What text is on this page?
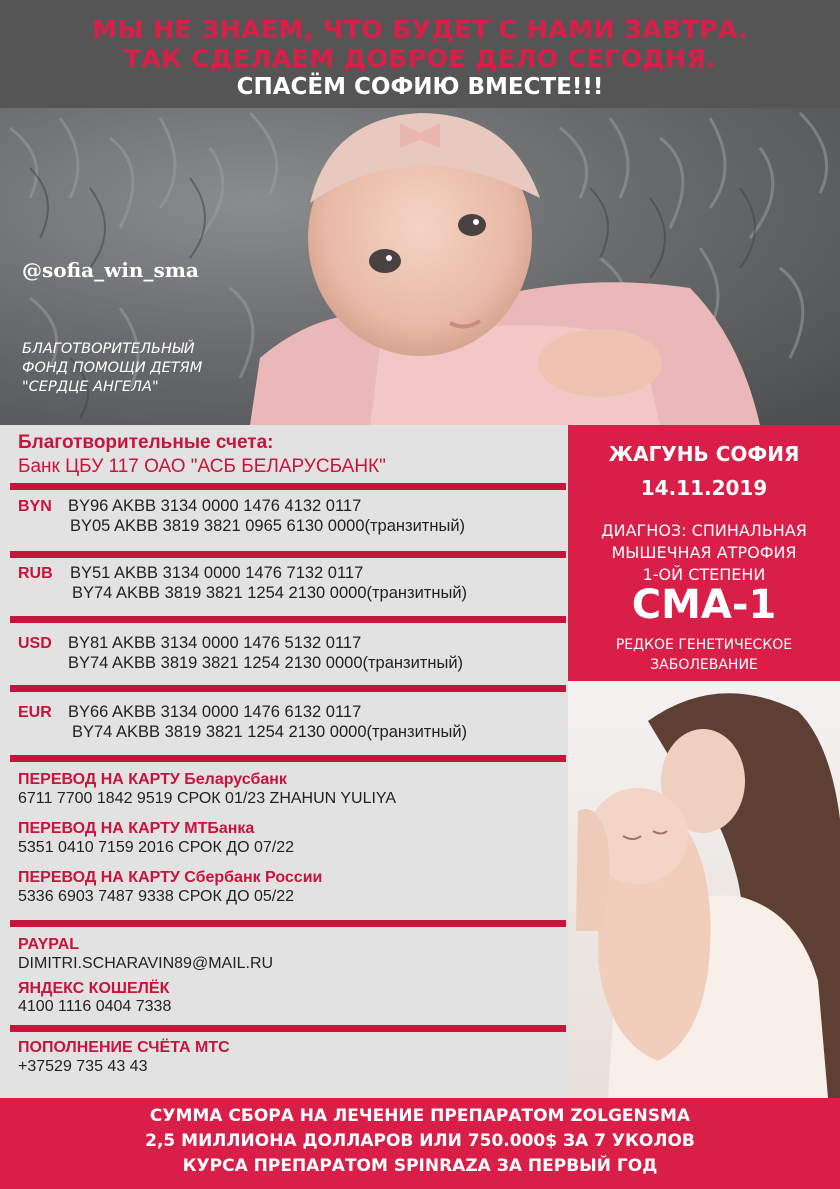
МЫ НЕ ЗНАЕМ, ЧТО БУДЕТ С НАМИ ЗАВТРА.
ТАК СДЕЛАЕМ ДОБРОЕ ДЕЛО СЕГОДНЯ.
СПАСЁМ СОФИЮ ВМЕСТЕ!!!
@sofia_win_sma
БЛАГОТВОРИТЕЛЬНЫЙ
ФОНД ПОМОЩИ ДЕТЯМ
"СЕРДЦЕ АНГЕЛА"
Благотворительные счета:
Банк ЦБУ 117 ОАО "АСБ БЕЛАРУСБАНК"
BYN BY96 AKBB 3134 0000 1476 4132 0117
BY05 AKBB 3819 3821 0965 6130 0000(транзитный)
RUB BY51 AKBB 3134 0000 1476 7132 0117
BY74 AKBB 3819 3821 1254 2130 0000(транзитный)
USD BY81 AKBB 3134 0000 1476 5132 0117
BY74 AKBB 3819 3821 1254 2130 0000(транзитный)
EUR BY66 AKBB 3134 0000 1476 6132 0117
BY74 AKBB 3819 3821 1254 2130 0000(транзитный)
ПЕРЕВОД НА КАРТУ Беларусбанк
6711 7700 1842 9519 СРОК 01/23 ZHAHUN YULIYA
ПЕРЕВОД НА КАРТУ МТБанка
5351 0410 7159 2016 СРОК ДО 07/22
ПЕРЕВОД НА КАРТУ Сбербанк России
5336 6903 7487 9338 СРОК ДО 05/22
PAYPAL
DIMITRI.SCHARAVIN89@MAIL.RU
ЯНДЕКС КОШЕЛЁК
4100 1116 0404 7338
ПОПОЛНЕНИЕ СЧЁТА МТС
+37529 735 43 43
ЖАГУНЬ СОФИЯ
14.11.2019
ДИАГНОЗ: СПИНАЛЬНАЯ
МЫШЕЧНАЯ АТРОФИЯ
1-ОЙ СТЕПЕНИ
СМА-1
РЕДКОЕ ГЕНЕТИЧЕСКОЕ
ЗАБОЛЕВАНИЕ
СУММА СБОРА НА ЛЕЧЕНИЕ ПРЕПАРАТОМ ZOLGENSMA
2,5 МИЛЛИОНА ДОЛЛАРОВ ИЛИ 750.000$ ЗА 7 УКОЛОВ
КУРСА ПРЕПАРАТОМ SPINRAZA ЗА ПЕРВЫЙ ГОД
